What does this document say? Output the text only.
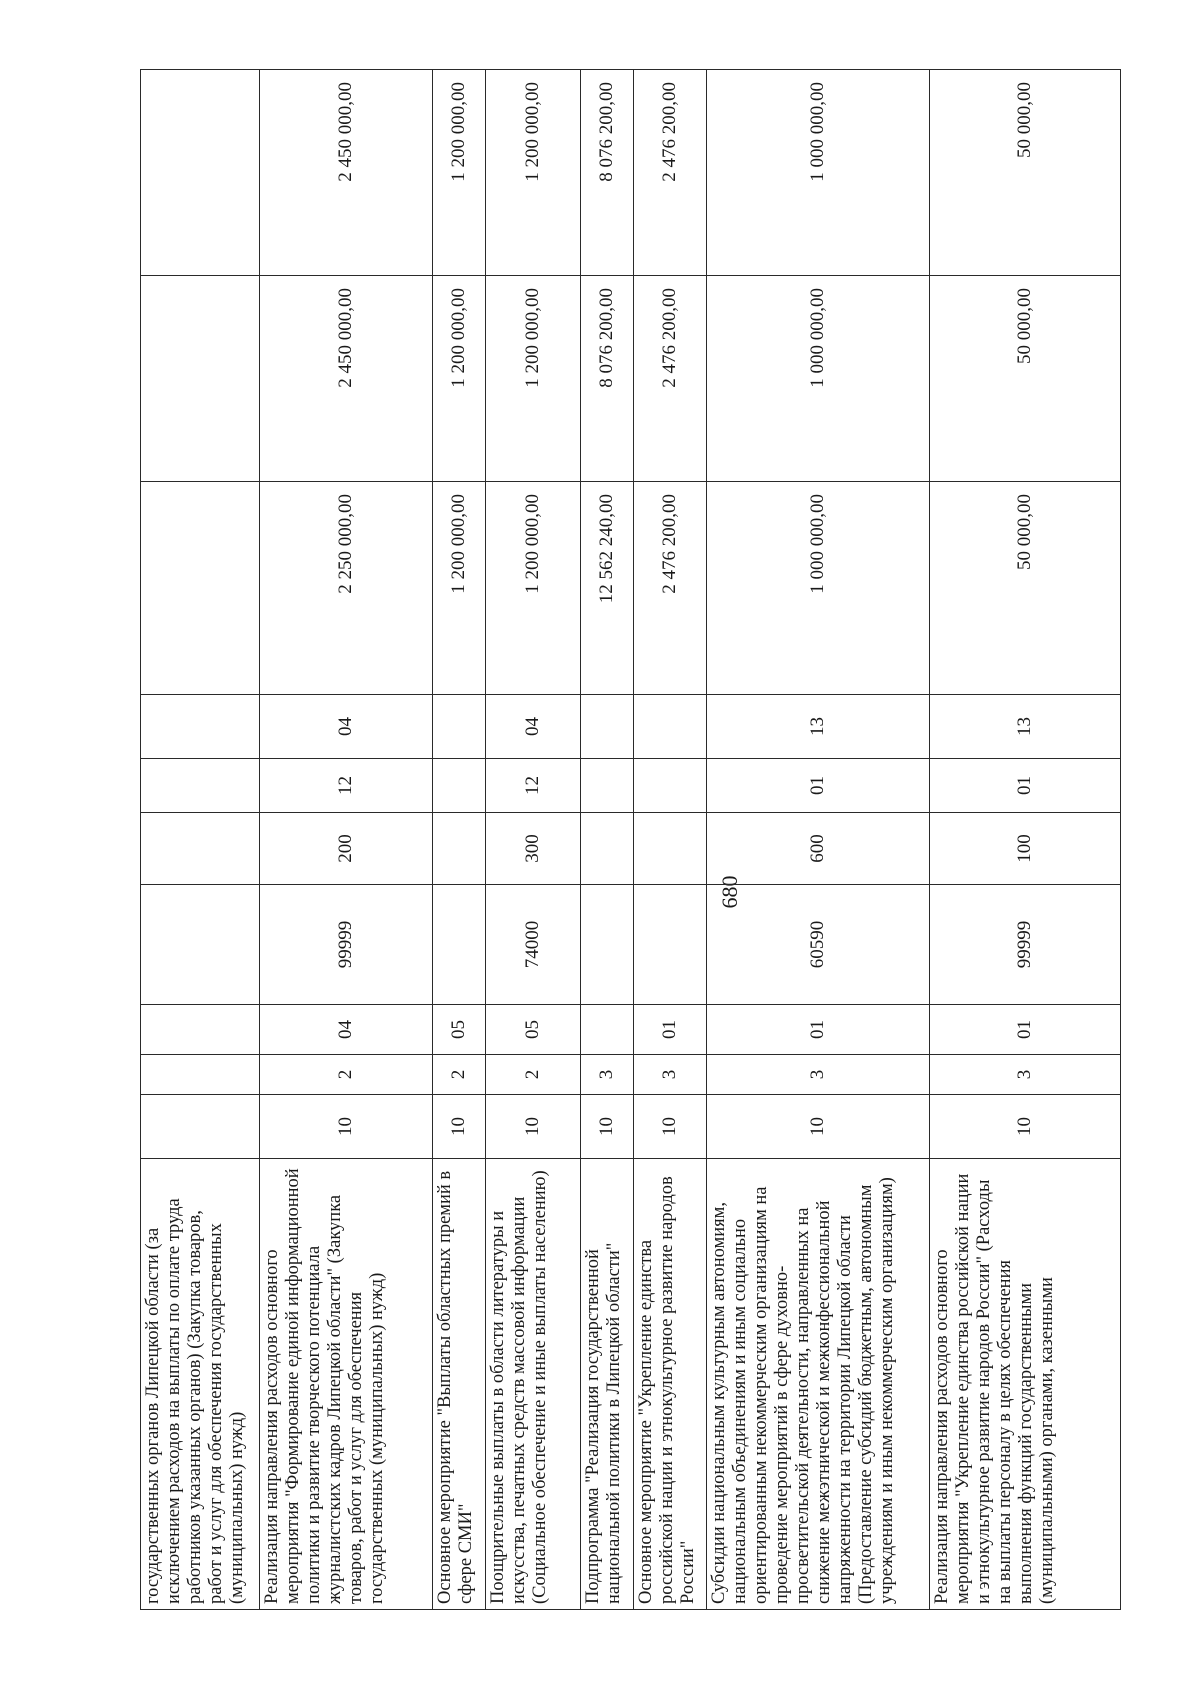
680
государственных органов Липецкой области (за исключением расходов на выплаты по оплате труда работников указанных органов) (Закупка товаров, работ и услуг для обеспечения государственных (муниципальных) нужд)										
Реализация направления расходов основного мероприятия "Формирование единой информационной политики и развитие творческого потенциала журналистских кадров Липецкой области" (Закупка товаров, работ и услуг для обеспечения государственных (муниципальных) нужд)	10	2	04	99999	200	12	04	2 250 000,00	2 450 000,00	2 450 000,00
Основное мероприятие "Выплаты областных премий в сфере СМИ"	10	2	05					1 200 000,00	1 200 000,00	1 200 000,00
Поощрительные выплаты в области литературы и искусства, печатных средств массовой информации (Социальное обеспечение и иные выплаты населению)	10	2	05	74000	300	12	04	1 200 000,00	1 200 000,00	1 200 000,00
Подпрограмма "Реализация государственной национальной политики в Липецкой области"	10	3						12 562 240,00	8 076 200,00	8 076 200,00
Основное мероприятие "Укрепление единства российской нации и этнокультурное развитие народов России"	10	3	01					2 476 200,00	2 476 200,00	2 476 200,00
Субсидии национальным культурным автономиям, национальным объединениям и иным социально ориентированным некоммерческим организациям на проведение мероприятий в сфере духовно-просветительской деятельности, направленных на снижение межэтнической и межконфессиональной напряженности на территории Липецкой области (Предоставление субсидий бюджетным, автономным учреждениям и иным некоммерческим организациям)	10	3	01	60590	600	01	13	1 000 000,00	1 000 000,00	1 000 000,00
Реализация направления расходов основного мероприятия "Укрепление единства российской нации и этнокультурное развитие народов России" (Расходы на выплаты персоналу в целях обеспечения выполнения функций государственными (муниципальными) органами, казенными	10	3	01	99999	100	01	13	50 000,00	50 000,00	50 000,00
